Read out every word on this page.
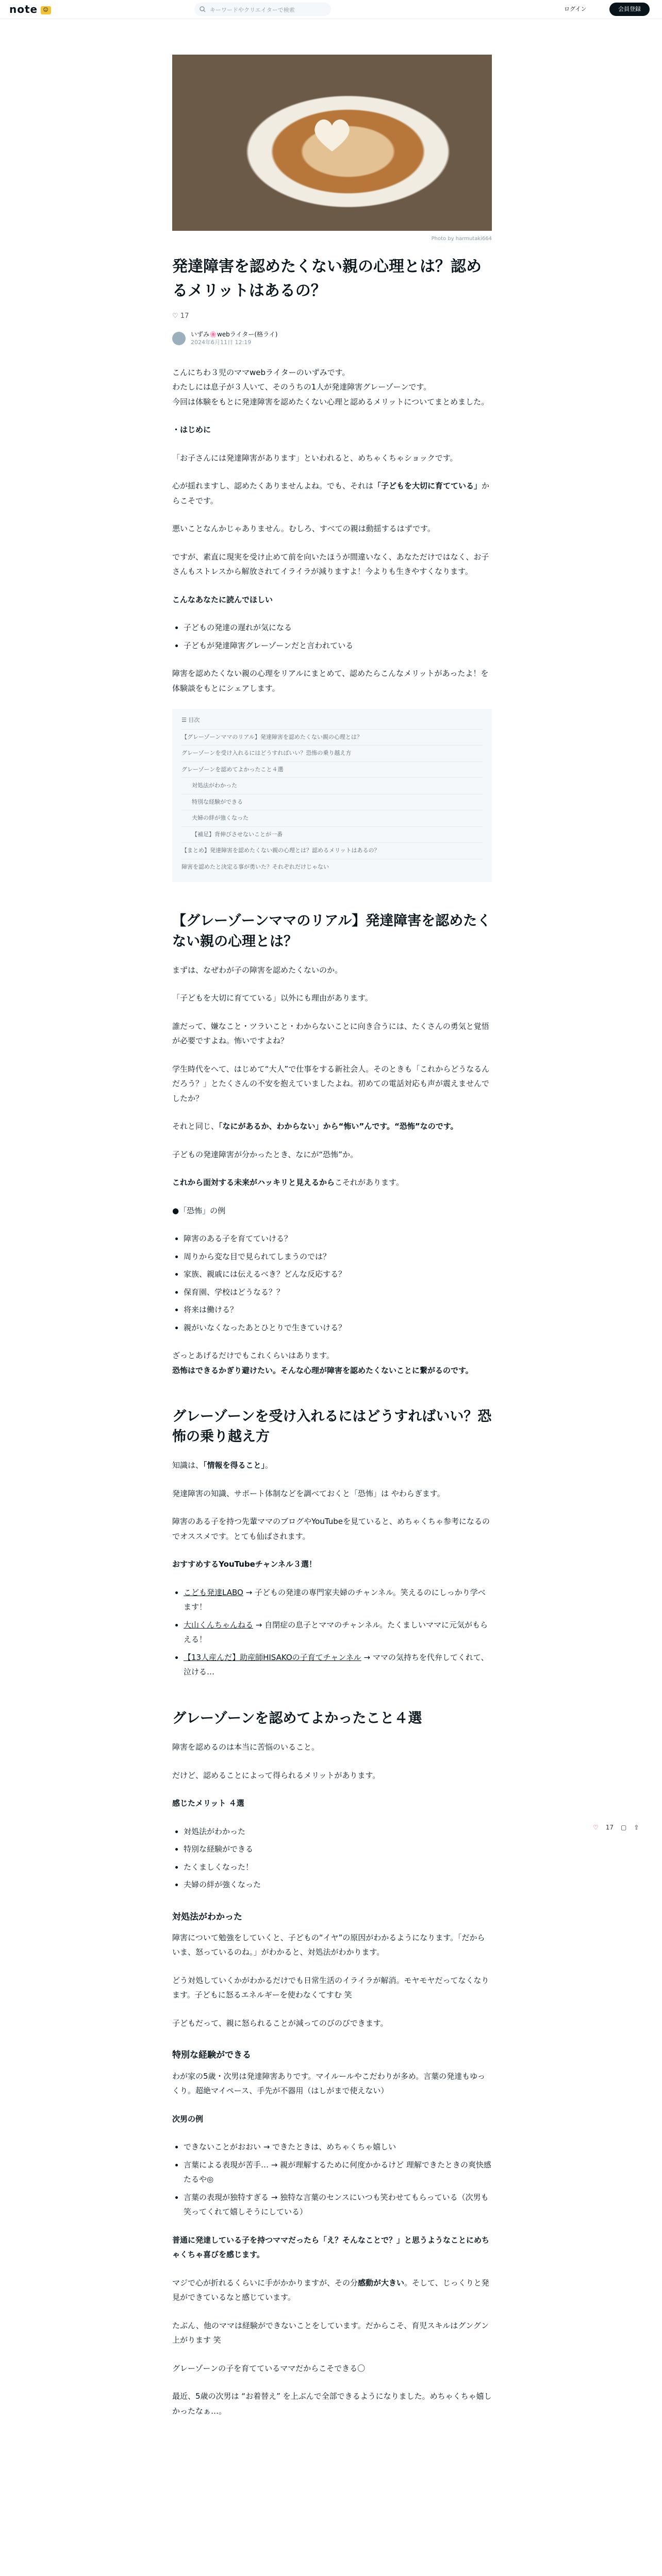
note ☺	キーワードやクリエイターで検索	ログイン	会員登録
Photo by harmutaki664
発達障害を認めたくない親の心理とは？認めるメリットはあるの？
♡ 17
いずみ🌸webライター(格ライ)
2024年6月11日 12:19

こんにちわ３児のママwebライターのいずみです。
わたしには息子が３人いて、そのうちの1人が発達障害グレーゾーンです。
今回は体験をもとに発達障害を認めたくない心理と認めるメリットについてまとめました。

・はじめに

「お子さんには発達障害があります」といわれると、めちゃくちゃショックです。

心が揺れますし、認めたくありませんよね。でも、それは「子どもを大切に育てている」からこそです。

悪いことなんかじゃありません。むしろ、すべての親は動揺するはずです。

ですが、素直に現実を受け止めて前を向いたほうが間違いなく、あなただけではなく、お子さんもストレスから解放されてイライラが減りますよ！今よりも生きやすくなります。

こんなあなたに読んでほしい

• 子どもの発達の遅れが気になる
• 子どもが発達障害グレーゾーンだと言われている

障害を認めたくない親の心理をリアルにまとめて、認めたらこんなメリットがあったよ！を体験談をもとにシェアします。

☰ 目次
【グレーゾーンママのリアル】発達障害を認めたくない親の心理とは？
グレーゾーンを受け入れるにはどうすればいい？恐怖の乗り越え方
グレーゾーンを認めてよかったこと４選
対処法がわかった
特別な経験ができる
夫婦の絆が強くなった
【補足】背伸びさせないことが一番
【まとめ】発達障害を認めたくない親の心理とは？認めるメリットはあるの？
障害を認めたと決定る事が勇いた？それぞれだけじゃない
【グレーゾーンママのリアル】発達障害を認めたくない親の心理とは？

まずは、なぜわが子の障害を認めたくないのか。

「子どもを大切に育てている」以外にも理由があります。

誰だって、嫌なこと・ツラいこと・わからないことに向き合うには、たくさんの勇気と覚悟が必要ですよね。怖いですよね？

学生時代をへて、はじめて“大人”で仕事をする新社会人。そのときも「これからどうなるんだろう？」とたくさんの不安を抱えていましたよね。初めての電話対応も声が震えませんでしたか？

それと同じ、「なにがあるか、わからない」から“怖い”んです。“恐怖”なのです。

子どもの発達障害が分かったとき、なにが“恐怖”か。

これから面対する未来がハッキリと見えるからこそれがあります。

●「恐怖」の例

• 障害のある子を育てていける？
• 周りから変な目で見られてしまうのでは？
• 家族、親戚には伝えるべき？どんな反応する？
• 保育園、学校はどうなる？？
• 将来は働ける？
• 親がいなくなったあとひとりで生きていける？

ざっとあげるだけでもこれくらいはあります。
恐怖はできるかぎり避けたい。そんな心理が障害を認めたくないことに繋がるのです。

グレーゾーンを受け入れるにはどうすればいい？恐怖の乗り越え方

知識は、「情報を得ること」。

発達障害の知識、サポート体制などを調べておくと「恐怖」は やわらぎます。

障害のある子を持つ先輩ママのブログやYouTubeを見ていると、めちゃくちゃ参考になるのでオススメです。とても仙ばされます。

おすすめするYouTubeチャンネル３選！

• こども発達LABO → 子どもの発達の専門家夫婦のチャンネル。笑えるのにしっかり学べます！
• 大山くんちゃんねる → 自閉症の息子とママのチャンネル。たくましいママに元気がもらえる！
• 【13人産んだ】助産師HISAKOの子育てチャンネル → ママの気持ちを代弁してくれて、泣ける…
グレーゾーンを認めてよかったこと４選

障害を認めるのは本当に苦悩のいること。

だけど、認めることによって得られるメリットがあります。

感じたメリット ４選

• 対処法がわかった
• 特別な経験ができる
• たくましくなった！
• 夫婦の絆が強くなった
対処法がわかった

障害について勉強をしていくと、子どもの“イヤ”の原因がわかるようになります。「だからいま、怒っているのね。」がわかると、対処法がわかります。

どう対処していくかがわかるだけでも日常生活のイライラが解消。モヤモヤだってなくなります。子どもに怒るエネルギーを使わなくてすむ 笑

子どもだって、親に怒られることが減ってのびのびできます。

特別な経験ができる

わが家の5歳・次男は発達障害ありです。マイルールやこだわりが多め。言葉の発達もゆっくり。超絶マイペース、手先が不器用（はしがまで使えない）

次男の例

• できないことがおおい → できたときは、めちゃくちゃ嬉しい
• 言葉による表現が苦手… → 親が理解するために何度かかるけど 理解できたときの爽快感たるや◎
• 言葉の表現が独特すぎる → 独特な言葉のセンスにいつも笑わせてもらっている（次男も笑ってくれて嬉しそうにしている）

普通に発達している子を持つママだったら「え？そんなことで？」と思うようなことにめちゃくちゃ喜びを感じます。

マジで心が折れるくらいに手がかかりますが、その分感動が大きい。そして、じっくりと発見ができているなと感じています。

たぶん、他のママは経験ができないことをしています。だからこそ、育児スキルはグングン上がります 笑

グレーゾーンの子を育てているママだからこそできる〇

最近、5歳の次男は “お着替え” を上ぶんで全部できるようになりました。めちゃくちゃ嬉しかったなぁ…。

♡ 17 ▢ ⇪
